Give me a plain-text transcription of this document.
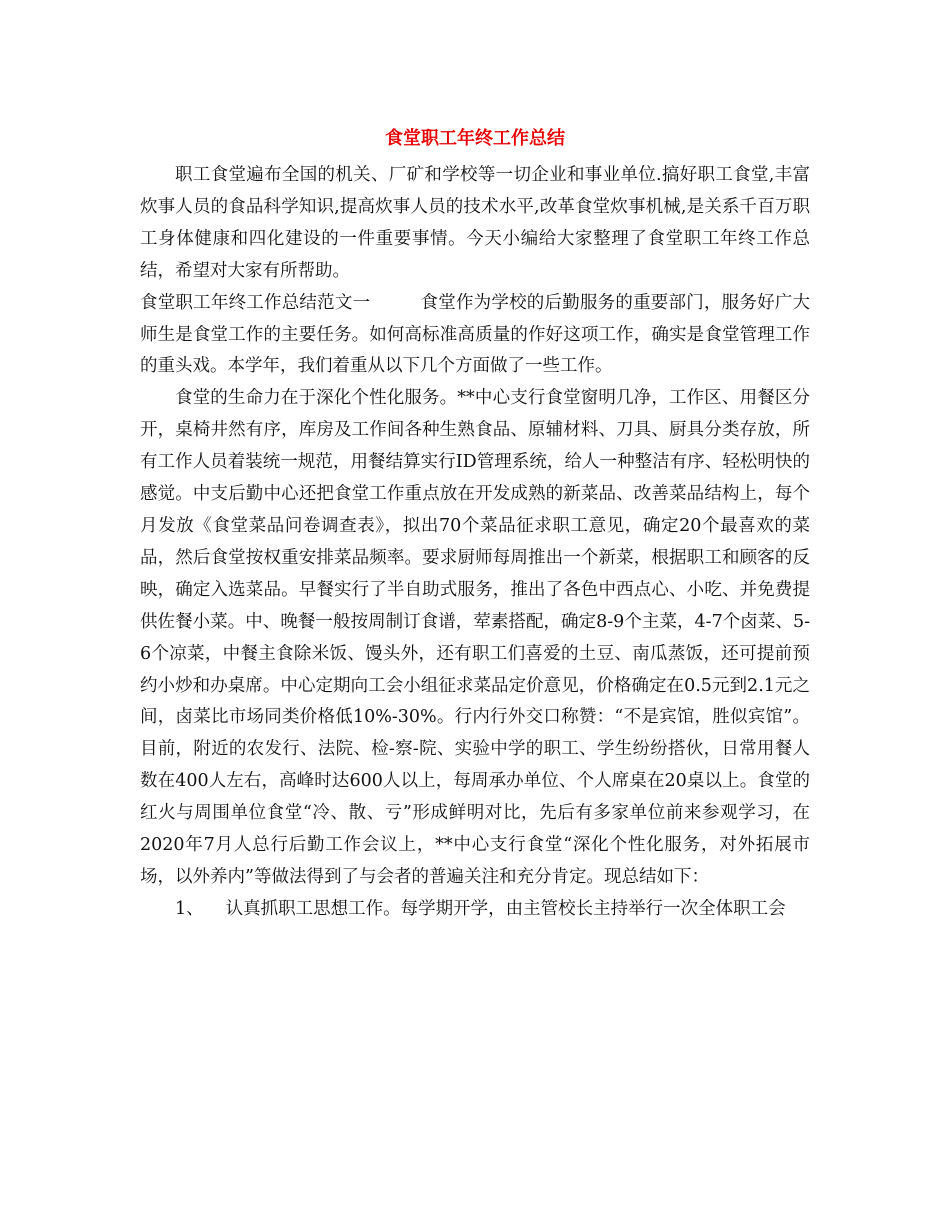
食堂职工年终工作总结

职工食堂遍布全国的机关、厂矿和学校等一切企业和事业单位.搞好职工食堂,丰富炊事人员的食品科学知识,提高炊事人员的技术水平,改革食堂炊事机械,是关系千百万职工身体健康和四化建设的一件重要事情。今天小编给大家整理了食堂职工年终工作总结，希望对大家有所帮助。

食堂职工年终工作总结范文一	食堂作为学校的后勤服务的重要部门，服务好广大师生是食堂工作的主要任务。如何高标准高质量的作好这项工作，确实是食堂管理工作的重头戏。本学年，我们着重从以下几个方面做了一些工作。

食堂的生命力在于深化个性化服务。**中心支行食堂窗明几净，工作区、用餐区分开，桌椅井然有序，库房及工作间各种生熟食品、原辅材料、刀具、厨具分类存放，所有工作人员着装统一规范，用餐结算实行ID管理系统，给人一种整洁有序、轻松明快的感觉。中支后勤中心还把食堂工作重点放在开发成熟的新菜品、改善菜品结构上，每个月发放《食堂菜品问卷调查表》，拟出70个菜品征求职工意见，确定20个最喜欢的菜品，然后食堂按权重安排菜品频率。要求厨师每周推出一个新菜，根据职工和顾客的反映，确定入选菜品。早餐实行了半自助式服务，推出了各色中西点心、小吃、并免费提供佐餐小菜。中、晚餐一般按周制订食谱，荤素搭配，确定8-9个主菜，4-7个卤菜、5-6个凉菜，中餐主食除米饭、馒头外，还有职工们喜爱的土豆、南瓜蒸饭，还可提前预约小炒和办桌席。中心定期向工会小组征求菜品定价意见，价格确定在0.5元到2.1元之间，卤菜比市场同类价格低10%-30%。行内行外交口称赞：“不是宾馆，胜似宾馆”。目前，附近的农发行、法院、检-察-院、实验中学的职工、学生纷纷搭伙，日常用餐人数在400人左右，高峰时达600人以上，每周承办单位、个人席桌在20桌以上。食堂的红火与周围单位食堂“冷、散、亏”形成鲜明对比，先后有多家单位前来参观学习，在2020年7月人总行后勤工作会议上，**中心支行食堂“深化个性化服务，对外拓展市场，以外养内”等做法得到了与会者的普遍关注和充分肯定。现总结如下：

1、 认真抓职工思想工作。每学期开学，由主管校长主持举行一次全体职工会
